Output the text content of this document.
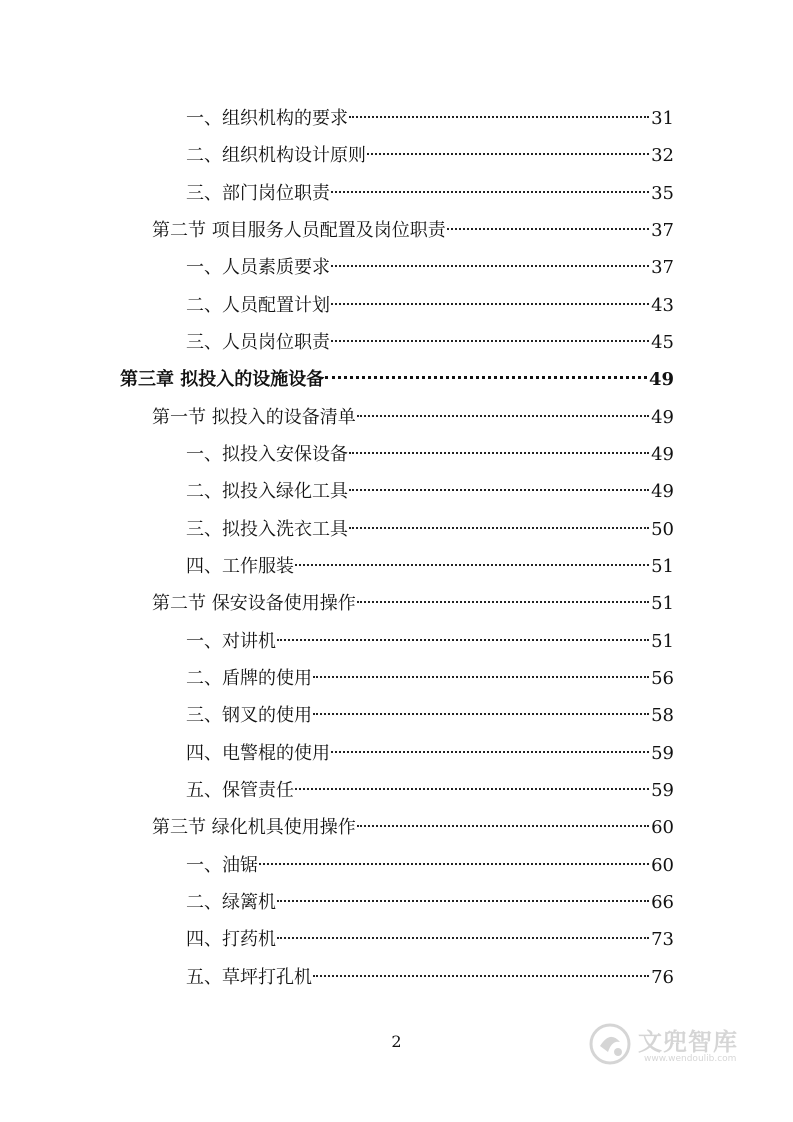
一、组织机构的要求	31
二、组织机构设计原则	32
三、部门岗位职责	35
第二节 项目服务人员配置及岗位职责	37
一、人员素质要求	37
二、人员配置计划	43
三、人员岗位职责	45
第三章 拟投入的设施设备	49
第一节 拟投入的设备清单	49
一、拟投入安保设备	49
二、拟投入绿化工具	49
三、拟投入洗衣工具	50
四、工作服装	51
第二节 保安设备使用操作	51
一、对讲机	51
二、盾牌的使用	56
三、钢叉的使用	58
四、电警棍的使用	59
五、保管责任	59
第三节 绿化机具使用操作	60
一、油锯	60
二、绿篱机	66
四、打药机	73
五、草坪打孔机	76
2	文兜智库
www.wendoulib.com
